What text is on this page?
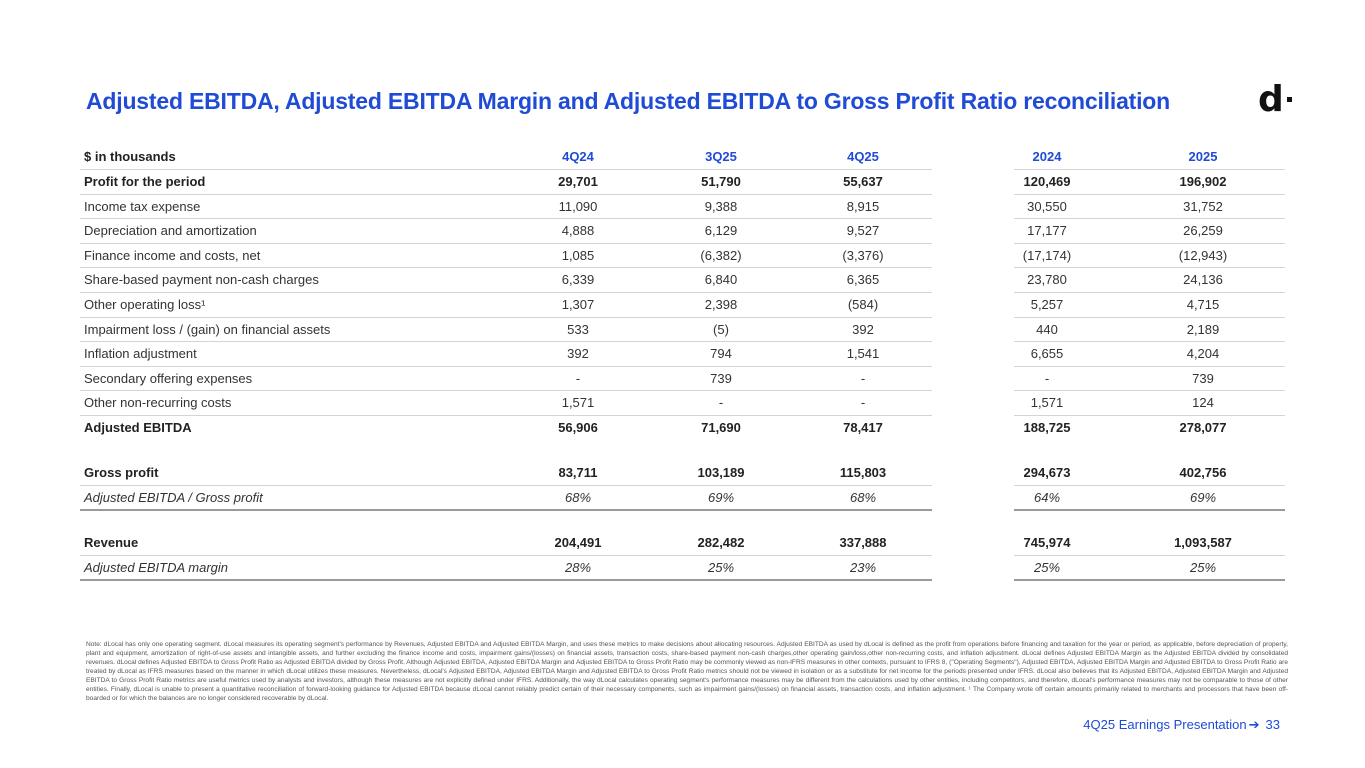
Adjusted EBITDA, Adjusted EBITDA Margin and Adjusted EBITDA to Gross Profit Ratio reconciliation d
$ in thousands	4Q24	3Q25	4Q25	2024	2025
Profit for the period	29,701	51,790	55,637	120,469	196,902
Income tax expense	11,090	9,388	8,915	30,550	31,752
Depreciation and amortization	4,888	6,129	9,527	17,177	26,259
Finance income and costs, net	1,085	(6,382)	(3,376)	(17,174)	(12,943)
Share-based payment non-cash charges	6,339	6,840	6,365	23,780	24,136
Other operating loss¹	1,307	2,398	(584)	5,257	4,715
Impairment loss / (gain) on financial assets	533	(5)	392	440	2,189
Inflation adjustment	392	794	1,541	6,655	4,204
Secondary offering expenses	-	739	-	-	739
Other non-recurring costs	1,571	-	-	1,571	124
Adjusted EBITDA	56,906	71,690	78,417	188,725	278,077
Gross profit	83,711	103,189	115,803	294,673	402,756
Adjusted EBITDA / Gross profit	68%	69%	68%	64%	69%
Revenue	204,491	282,482	337,888	745,974	1,093,587
Adjusted EBITDA margin	28%	25%	23%	25%	25%

Note: dLocal has only one operating segment. dLocal measures its operating segment's performance by Revenues, Adjusted EBITDA and Adjusted EBITDA Margin, and uses these metrics to make decisions about allocating resources. Adjusted EBITDA as used by dLocal is defined as the profit from operations before financing and taxation for the year or period, as applicable, before depreciation of property, plant and equipment, amortization of right-of-use assets and intangible assets, and further excluding the finance income and costs, impairment gains/(losses) on financial assets, transaction costs, share-based payment non-cash charges,other operating gain/loss,other non-recurring costs, and inflation adjustment. dLocal defines Adjusted EBITDA Margin as the Adjusted EBITDA divided by consolidated revenues. dLocal defines Adjusted EBITDA to Gross Profit Ratio as Adjusted EBITDA divided by Gross Profit. Although Adjusted EBITDA, Adjusted EBITDA Margin and Adjusted EBITDA to Gross Profit Ratio may be commonly viewed as non-IFRS measures in other contexts, pursuant to IFRS 8, ("Operating Segments"), Adjusted EBITDA, Adjusted EBITDA Margin and Adjusted EBITDA to Gross Profit Ratio are treated by dLocal as IFRS measures based on the manner in which dLocal utilizes these measures. Nevertheless, dLocal's Adjusted EBITDA, Adjusted EBITDA Margin and Adjusted EBITDA to Gross Profit Ratio metrics should not be viewed in isolation or as a substitute for net income for the periods presented under IFRS. dLocal also believes that its Adjusted EBITDA, Adjusted EBITDA Margin and Adjusted EBITDA to Gross Profit Ratio metrics are useful metrics used by analysts and investors, although these measures are not explicitly defined under IFRS. Additionally, the way dLocal calculates operating segment's performance measures may be different from the calculations used by other entities, including competitors, and therefore, dLocal's performance measures may not be comparable to those of other entities. Finally, dLocal is unable to present a quantitative reconciliation of forward-looking guidance for Adjusted EBITDA because dLocal cannot reliably predict certain of their necessary components, such as impairment gains/(losses) on financial assets, transaction costs, and inflation adjustment. ¹ The Company wrote off certain amounts primarily related to merchants and processors that have been off-boarded or for which the balances are no longer considered recoverable by dLocal.

4Q25 Earnings Presentation ➔ 33
